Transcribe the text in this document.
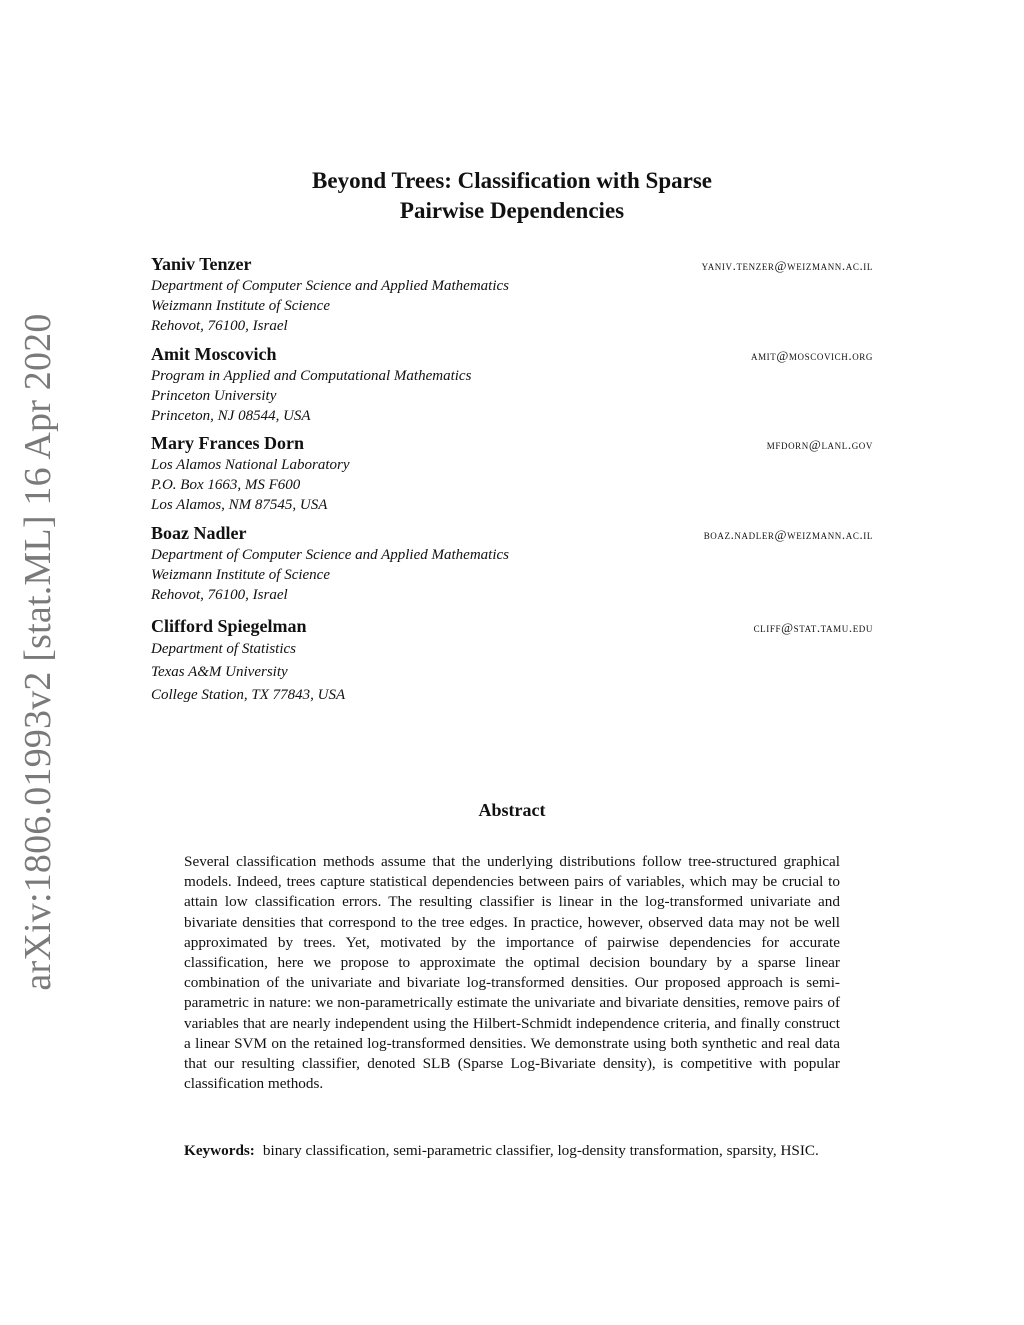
arXiv:1806.01993v2 [stat.ML] 16 Apr 2020
Beyond Trees: Classification with Sparse
Pairwise Dependencies
Yaniv Tenzer	yaniv.tenzer@weizmann.ac.il
Department of Computer Science and Applied Mathematics
Weizmann Institute of Science
Rehovot, 76100, Israel
Amit Moscovich	amit@moscovich.org
Program in Applied and Computational Mathematics
Princeton University
Princeton, NJ 08544, USA
Mary Frances Dorn	mfdorn@lanl.gov
Los Alamos National Laboratory
P.O. Box 1663, MS F600
Los Alamos, NM 87545, USA
Boaz Nadler	boaz.nadler@weizmann.ac.il
Department of Computer Science and Applied Mathematics
Weizmann Institute of Science
Rehovot, 76100, Israel
Clifford Spiegelman	cliff@stat.tamu.edu
Department of Statistics
Texas A&M University
College Station, TX 77843, USA
Abstract
Several classification methods assume that the underlying distributions follow tree-structured graphical models. Indeed, trees capture statistical dependencies between pairs of variables, which may be crucial to attain low classification errors. The resulting classifier is linear in the log-transformed univariate and bivariate densities that correspond to the tree edges. In practice, however, observed data may not be well approximated by trees. Yet, motivated by the importance of pairwise dependencies for accurate classification, here we propose to approximate the optimal decision boundary by a sparse linear combination of the univariate and bivariate log-transformed densities. Our proposed approach is semi-parametric in nature: we non-parametrically estimate the univariate and bivariate densities, remove pairs of variables that are nearly independent using the Hilbert-Schmidt independence criteria, and finally construct a linear SVM on the retained log-transformed densities. We demonstrate using both synthetic and real data that our resulting classifier, denoted SLB (Sparse Log-Bivariate density), is competitive with popular classification methods.
Keywords: binary classification, semi-parametric classifier, log-density transformation, sparsity, HSIC.
